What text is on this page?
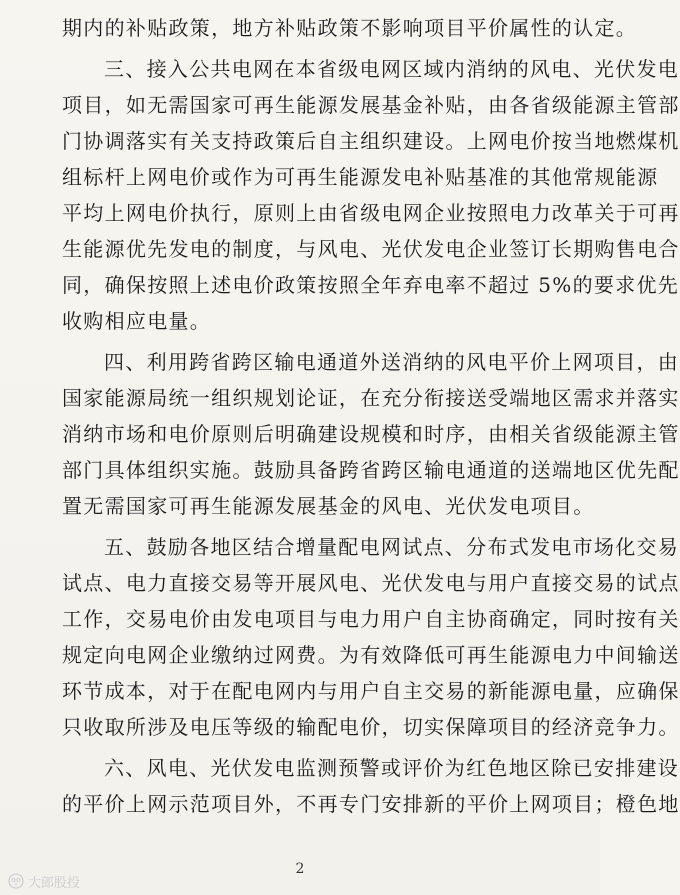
期内的补贴政策，地方补贴政策不影响项目平价属性的认定。
三、接入公共电网在本省级电网区域内消纳的风电、光伏发电
项目，如无需国家可再生能源发展基金补贴，由各省级能源主管部
门协调落实有关支持政策后自主组织建设。上网电价按当地燃煤机
组标杆上网电价或作为可再生能源发电补贴基准的其他常规能源
平均上网电价执行，原则上由省级电网企业按照电力改革关于可再
生能源优先发电的制度，与风电、光伏发电企业签订长期购售电合
同，确保按照上述电价政策按照全年弃电率不超过 5%的要求优先
收购相应电量。
四、利用跨省跨区输电通道外送消纳的风电平价上网项目，由
国家能源局统一组织规划论证，在充分衔接送受端地区需求并落实
消纳市场和电价原则后明确建设规模和时序，由相关省级能源主管
部门具体组织实施。鼓励具备跨省跨区输电通道的送端地区优先配
置无需国家可再生能源发展基金的风电、光伏发电项目。
五、鼓励各地区结合增量配电网试点、分布式发电市场化交易
试点、电力直接交易等开展风电、光伏发电与用户直接交易的试点
工作，交易电价由发电项目与电力用户自主协商确定，同时按有关
规定向电网企业缴纳过网费。为有效降低可再生能源电力中间输送
环节成本，对于在配电网内与用户自主交易的新能源电量，应确保
只收取所涉及电压等级的输配电价，切实保障项目的经济竞争力。
六、风电、光伏发电监测预警或评价为红色地区除已安排建设
的平价上网示范项目外，不再专门安排新的平价上网项目；橙色地
2
大郎股投
